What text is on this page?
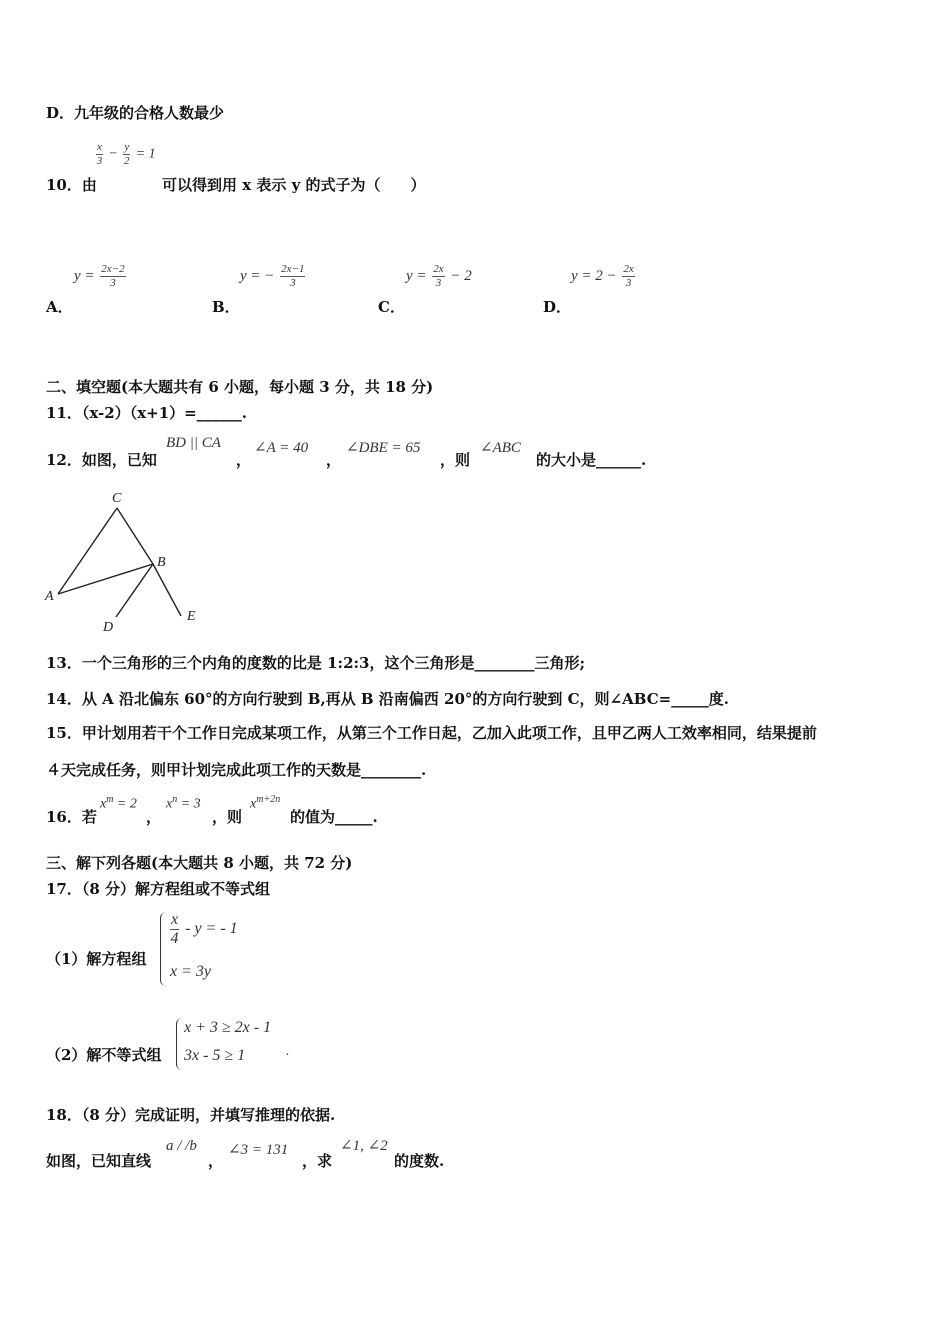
D．九年级的合格人数最少
$\frac{x}{3} - \frac{y}{2} = 1$
10．由	可以得到用 x 表示 y 的式子为（　　）
A．
$y = \frac{2x-2}{3}$
B．
y = − $\frac{2x-1}{3}$
C．
$y = \frac{2x}{3} - 2$
D．
$y = 2 - \frac{2x}{3}$
二、填空题(本大题共有 6 小题，每小题 3 分，共 18 分)
11．（x-2）（x+1）=______.
12．如图，已知
BD || CA
，
∠A = 40
，
∠DBE = 65
，则
∠ABC
的大小是______.
C
B
A
D
E
13．一个三角形的三个内角的度数的比是 1:2:3，这个三角形是________三角形;
14．从 A 沿北偏东 60°的方向行驶到 B,再从 B 沿南偏西 20°的方向行驶到 C，则∠ABC=_____度.
15．甲计划用若干个工作日完成某项工作，从第三个工作日起，乙加入此项工作，且甲乙两人工效率相同，结果提前
４天完成任务，则甲计划完成此项工作的天数是________.
16．若
$x^m = 2$
，
$x^n = 3$
，则
$x^{m+2n}$
的值为_____.
三、解下列各题(本大题共 8 小题，共 72 分)
17．（8 分）解方程组或不等式组
（1）解方程组
$\frac{x}{4}$ - y = - 1
x = 3y
（2）解不等式组
x + 3 ≥ 2x - 1
3x - 5 ≥ 1	.
18．（8 分）完成证明，并填写推理的依据.
如图，已知直线
a / /b
，
∠3 = 131
，求
∠1, ∠2
的度数.
